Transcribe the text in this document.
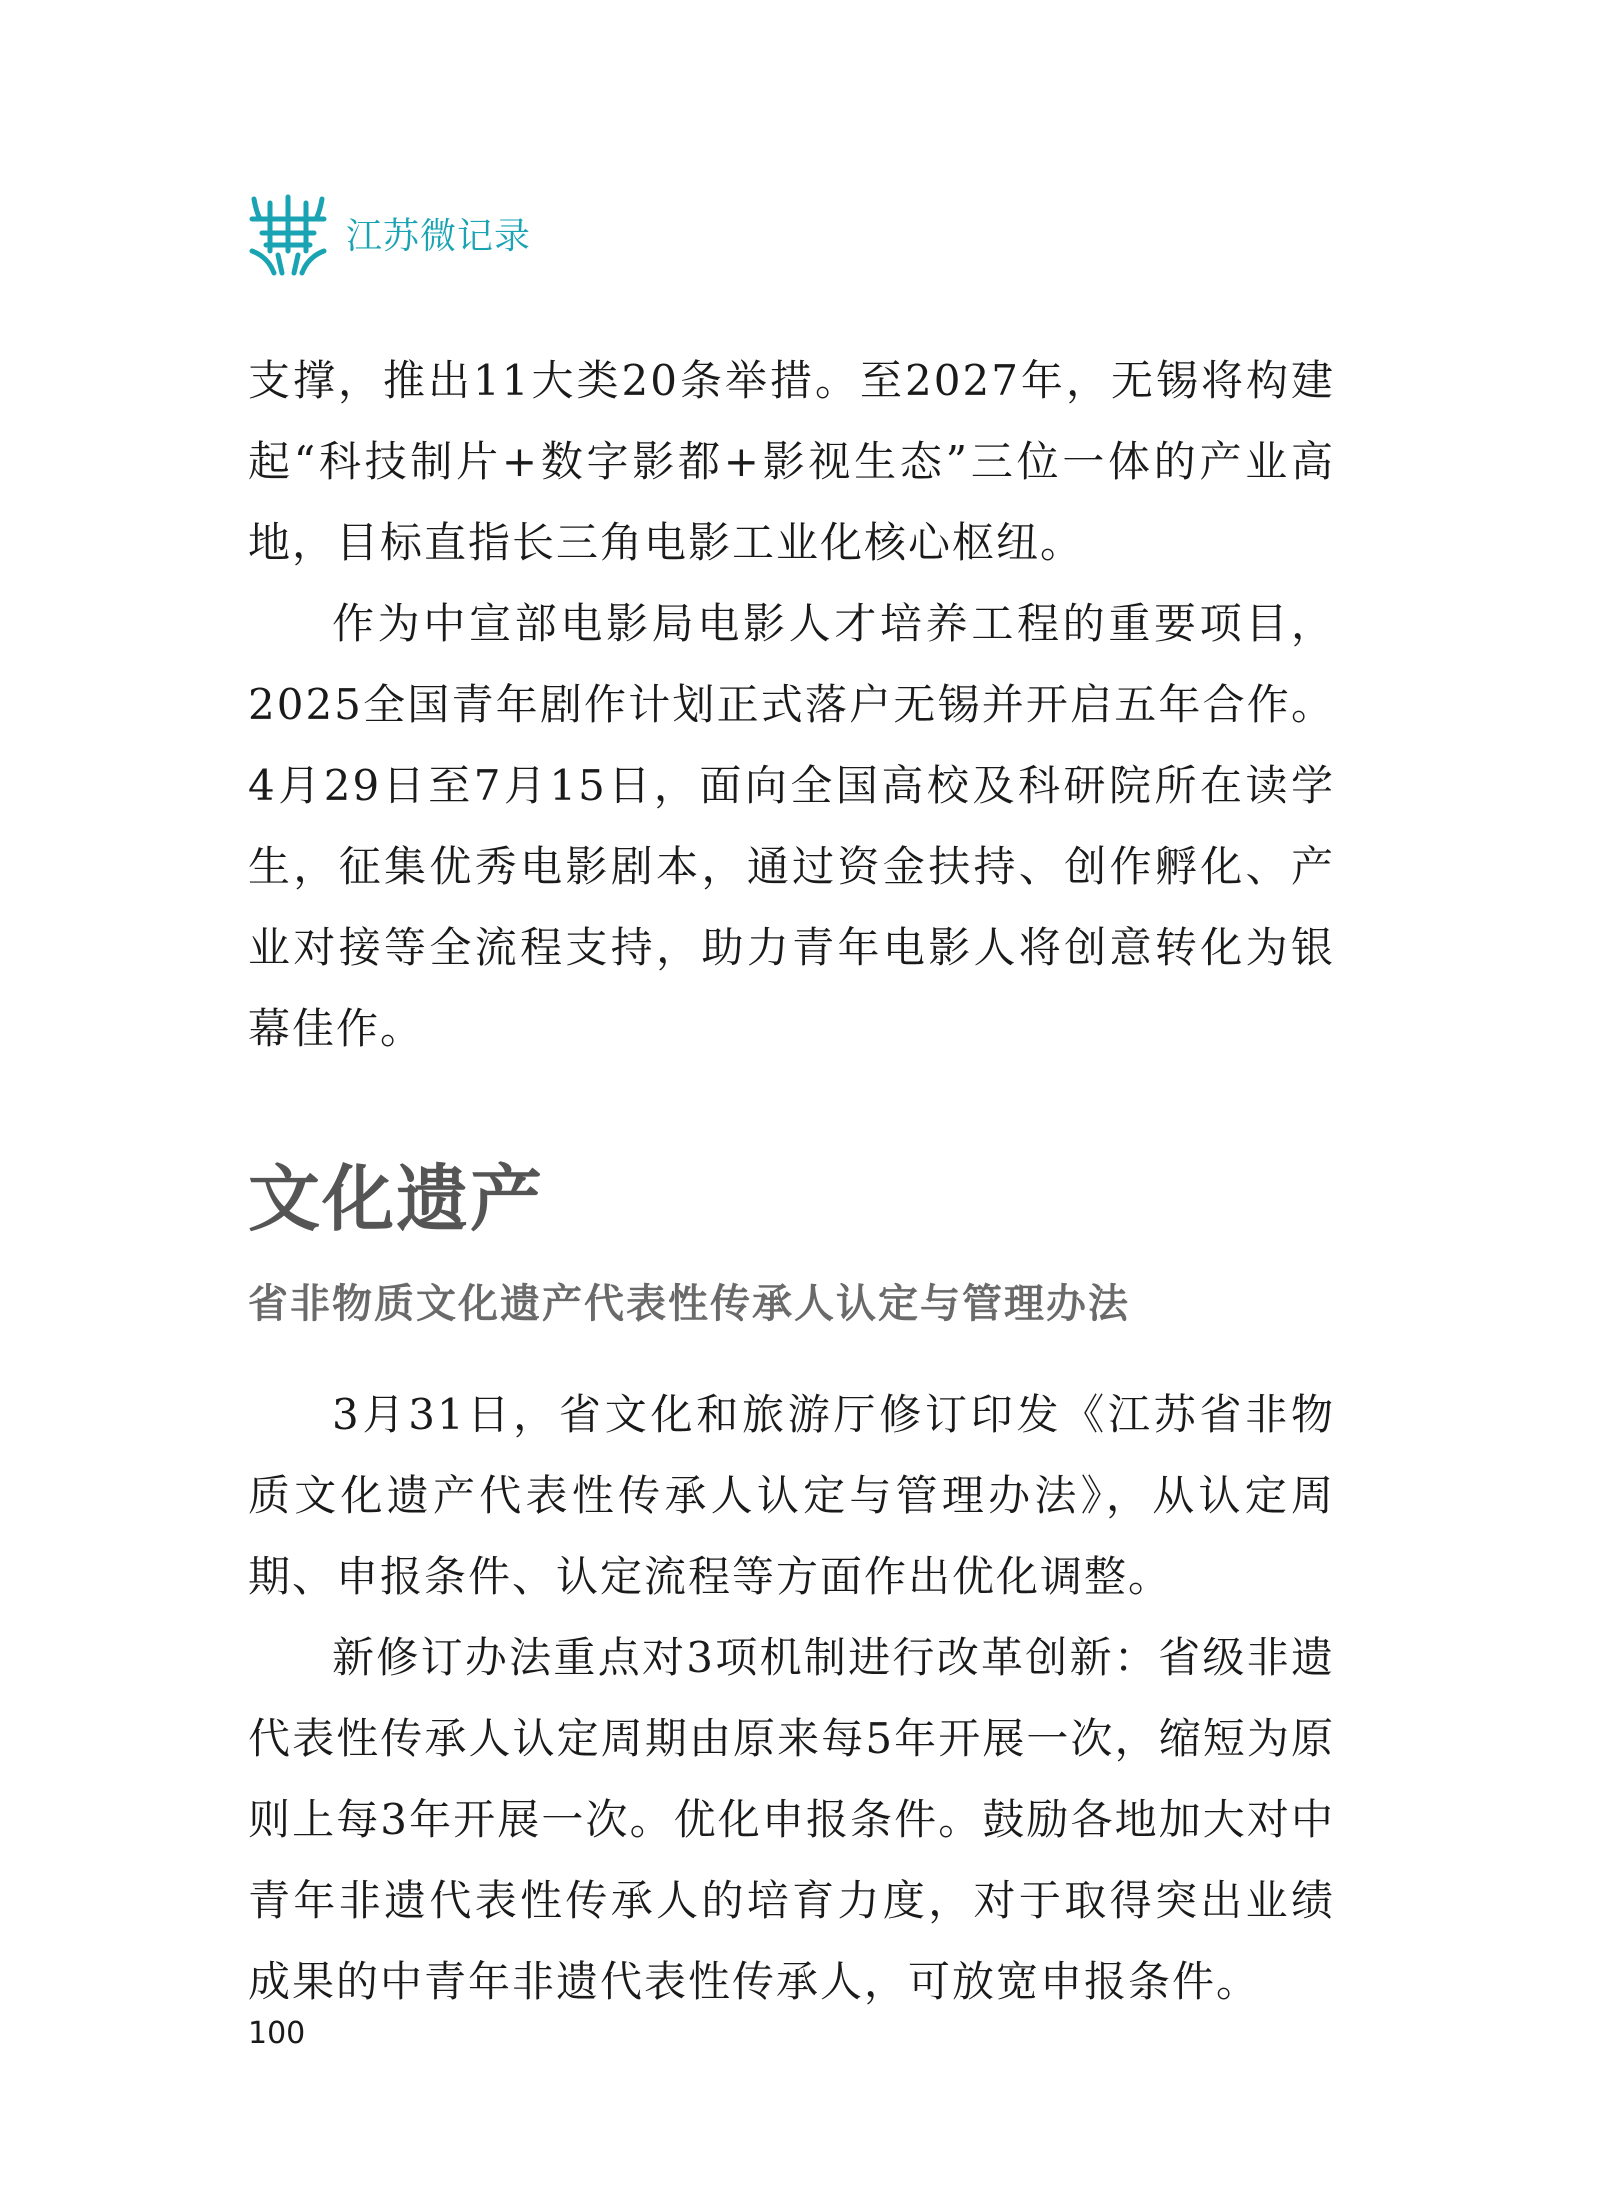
江苏微记录

支撑，推出11大类20条举措。至2027年，无锡将构建起“科技制片+数字影都+影视生态”三位一体的产业高地，目标直指长三角电影工业化核心枢纽。

作为中宣部电影局电影人才培养工程的重要项目，2025全国青年剧作计划正式落户无锡并开启五年合作。4月29日至7月15日，面向全国高校及科研院所在读学生，征集优秀电影剧本，通过资金扶持、创作孵化、产业对接等全流程支持，助力青年电影人将创意转化为银幕佳作。

文化遗产
省非物质文化遗产代表性传承人认定与管理办法

3月31日，省文化和旅游厅修订印发《江苏省非物质文化遗产代表性传承人认定与管理办法》，从认定周期、申报条件、认定流程等方面作出优化调整。

新修订办法重点对3项机制进行改革创新：省级非遗代表性传承人认定周期由原来每5年开展一次，缩短为原则上每3年开展一次。优化申报条件。鼓励各地加大对中青年非遗代表性传承人的培育力度，对于取得突出业绩成果的中青年非遗代表性传承人，可放宽申报条件。

100
